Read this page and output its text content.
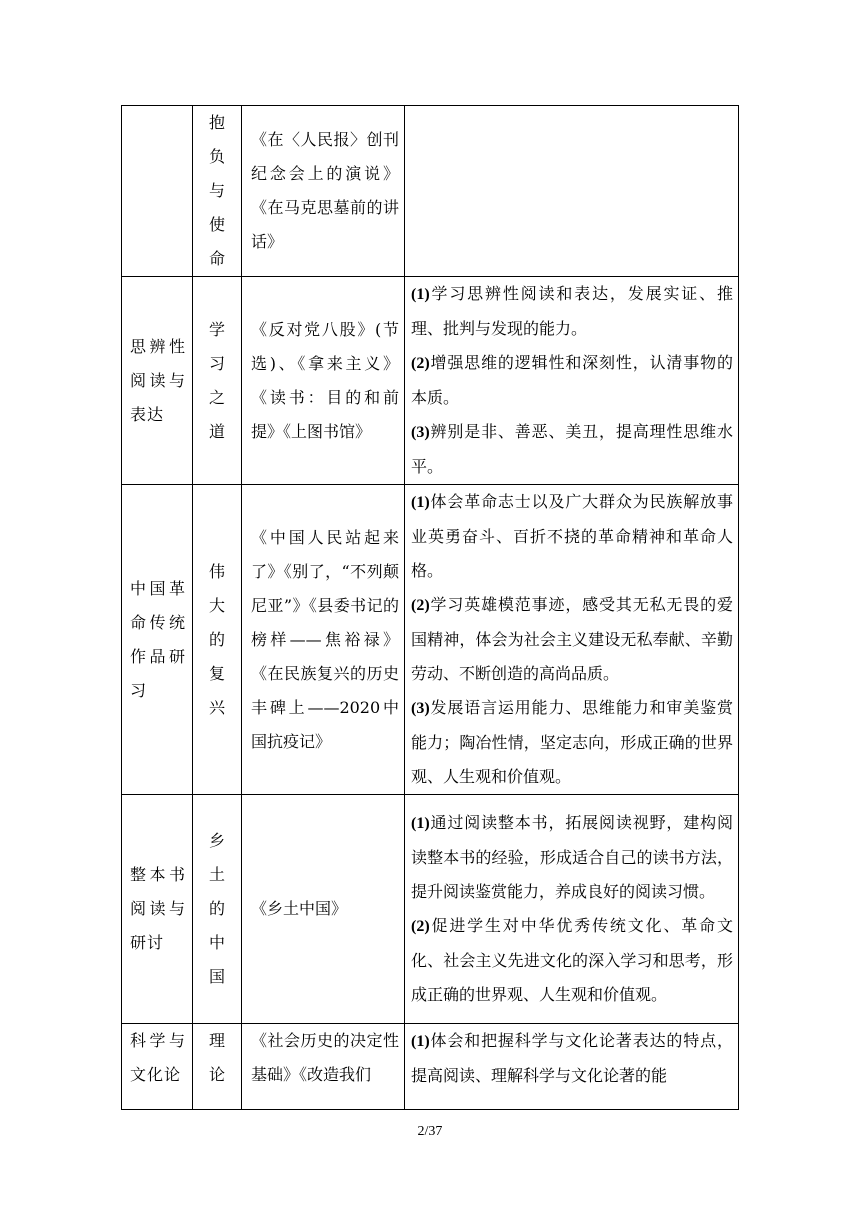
	抱
负
与
使
命	《在〈人民报〉创刊纪念会上的演说》《在马克思墓前的讲话》	
思辨性阅读与表达	学
习
之
道	《反对党八股》(节选)、《拿来主义》《读书：目的和前提》《上图书馆》	(1)学习思辨性阅读和表达，发展实证、推理、批判与发现的能力。
(2)增强思维的逻辑性和深刻性，认清事物的本质。
(3)辨别是非、善恶、美丑，提高理性思维水平。

中国革命传统作品研习	伟
大
的
复
兴	《中国人民站起来了》《别了，“不列颠尼亚”》《县委书记的榜样——焦裕禄》《在民族复兴的历史丰碑上——2020中国抗疫记》	(1)体会革命志士以及广大群众为民族解放事业英勇奋斗、百折不挠的革命精神和革命人格。
(2)学习英雄模范事迹，感受其无私无畏的爱国精神，体会为社会主义建设无私奉献、辛勤劳动、不断创造的高尚品质。
(3)发展语言运用能力、思维能力和审美鉴赏能力；陶冶性情，坚定志向，形成正确的世界观、人生观和价值观。

整本书阅读与研讨	乡
土
的
中
国	《乡土中国》	(1)通过阅读整本书，拓展阅读视野，建构阅读整本书的经验，形成适合自己的读书方法，提升阅读鉴赏能力，养成良好的阅读习惯。
(2)促进学生对中华优秀传统文化、革命文化、社会主义先进文化的深入学习和思考，形成正确的世界观、人生观和价值观。

科学与文化论	理
论	《社会历史的决定性基础》《改造我们	(1)体会和把握科学与文化论著表达的特点，提高阅读、理解科学与文化论著的能
2/37
